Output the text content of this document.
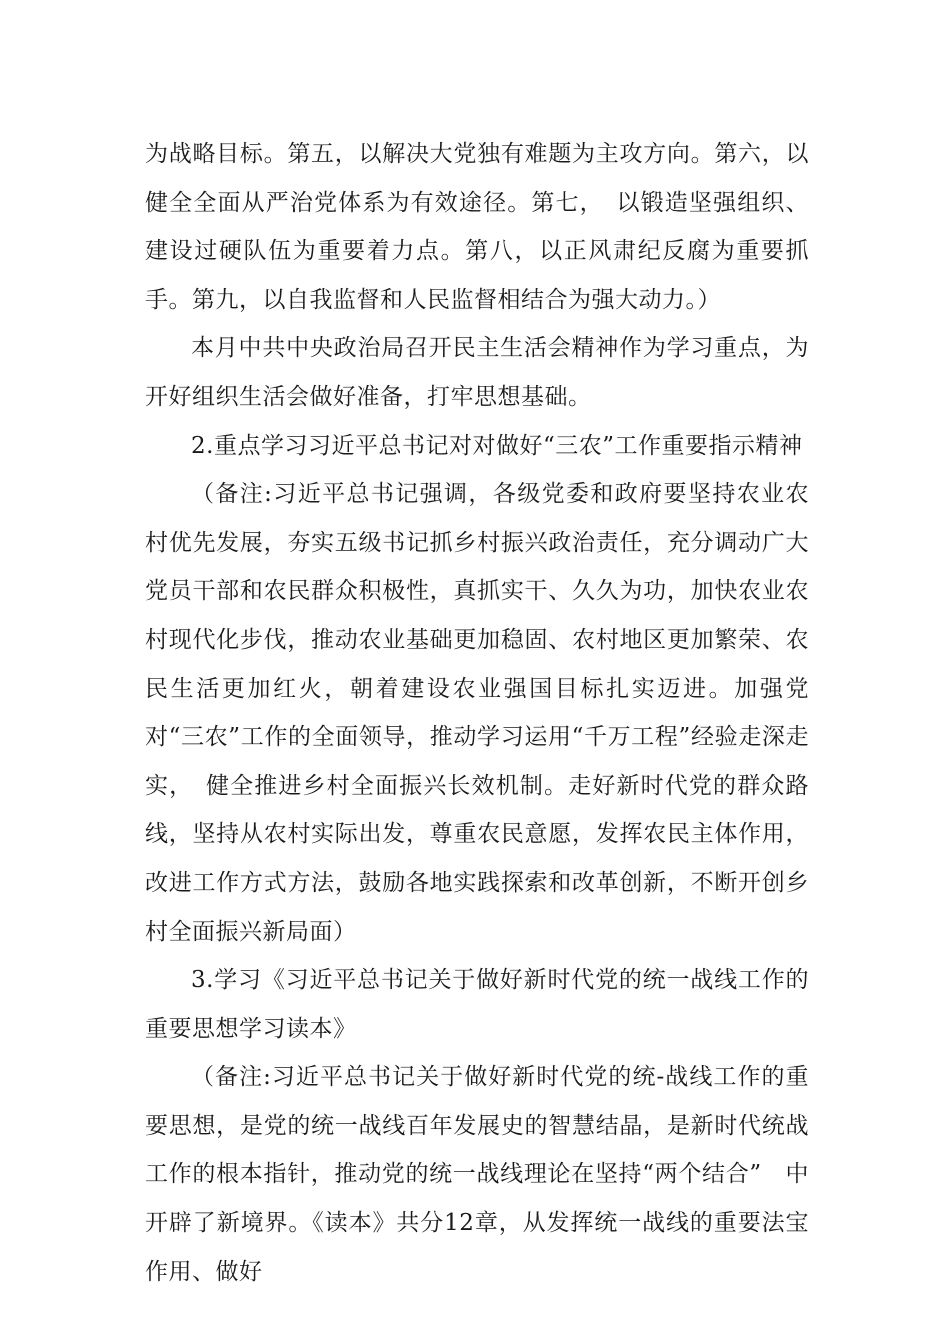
为战略目标。第五，以解决大党独有难题为主攻方向。第六，以健全全面从严治党体系为有效途径。第七，　以锻造坚强组织、建设过硬队伍为重要着力点。第八，以正风肃纪反腐为重要抓手。第九，以自我监督和人民监督相结合为强大动力。）

本月中共中央政治局召开民主生活会精神作为学习重点，为开好组织生活会做好准备，打牢思想基础。

2.重点学习习近平总书记对对做好“三农”工作重要指示精神

（备注:习近平总书记强调，各级党委和政府要坚持农业农村优先发展，夯实五级书记抓乡村振兴政治责任，充分调动广大党员干部和农民群众积极性，真抓实干、久久为功，加快农业农村现代化步伐，推动农业基础更加稳固、农村地区更加繁荣、农民生活更加红火，朝着建设农业强国目标扎实迈进。加强党对“三农”工作的全面领导，推动学习运用“千万工程”经验走深走实，　健全推进乡村全面振兴长效机制。走好新时代党的群众路线，坚持从农村实际出发，尊重农民意愿，发挥农民主体作用，改进工作方式方法，鼓励各地实践探索和改革创新，不断开创乡村全面振兴新局面）

3.学习《习近平总书记关于做好新时代党的统一战线工作的重要思想学习读本》

（备注:习近平总书记关于做好新时代党的统-战线工作的重要思想，是党的统一战线百年发展史的智慧结晶，是新时代统战工作的根本指针，推动党的统一战线理论在坚持“两个结合”　中开辟了新境界。《读本》共分12章，从发挥统一战线的重要法宝作用、做好
